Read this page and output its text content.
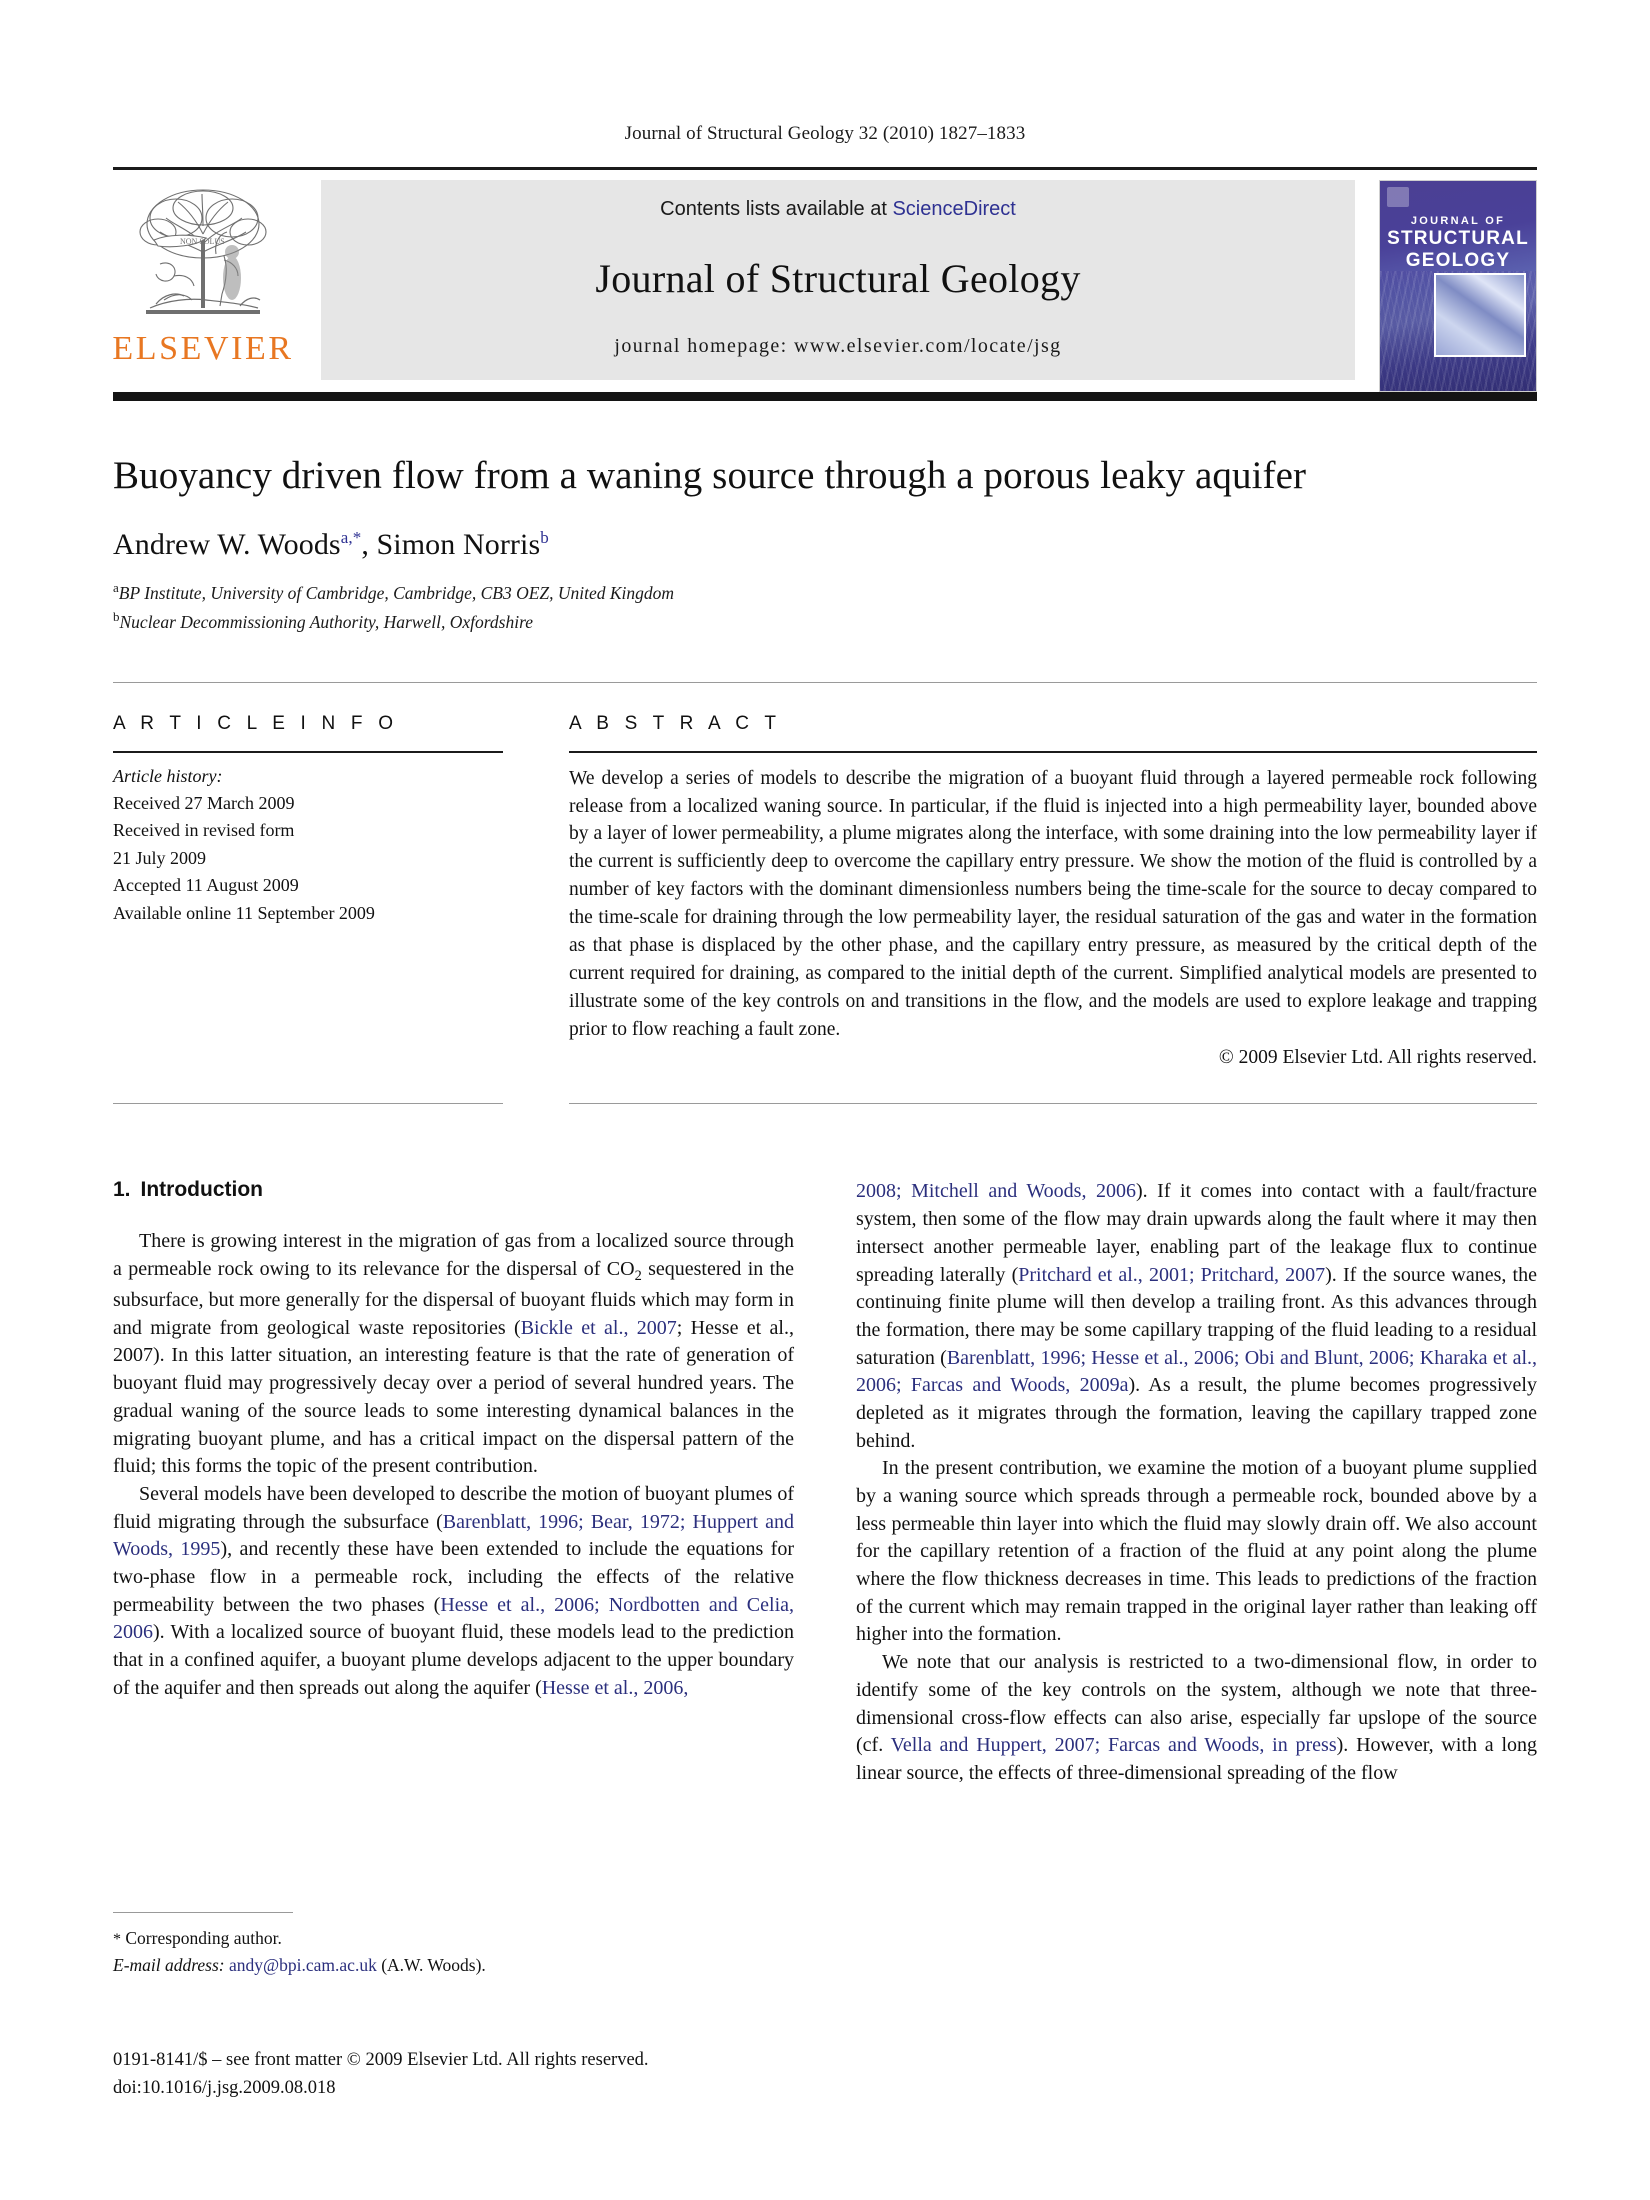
Journal of Structural Geology 32 (2010) 1827–1833
NON SOLUS
ELSEVIER
Contents lists available at ScienceDirect
Journal of Structural Geology
journal homepage: www.elsevier.com/locate/jsg
JOURNAL OF
STRUCTURAL
GEOLOGY
Buoyancy driven flow from a waning source through a porous leaky aquifer
Andrew W. Woods$^{a,*}$, Simon Norris$^b$
$^a$BP Institute, University of Cambridge, Cambridge, CB3 OEZ, United Kingdom
$^b$Nuclear Decommissioning Authority, Harwell, Oxfordshire
A R T I C L E I N F O
Article history:
Received 27 March 2009
Received in revised form
21 July 2009
Accepted 11 August 2009
Available online 11 September 2009
A B S T R A C T
We develop a series of models to describe the migration of a buoyant fluid through a layered permeable rock following release from a localized waning source. In particular, if the fluid is injected into a high permeability layer, bounded above by a layer of lower permeability, a plume migrates along the interface, with some draining into the low permeability layer if the current is sufficiently deep to overcome the capillary entry pressure. We show the motion of the fluid is controlled by a number of key factors with the dominant dimensionless numbers being the time-scale for the source to decay compared to the time-scale for draining through the low permeability layer, the residual saturation of the gas and water in the formation as that phase is displaced by the other phase, and the capillary entry pressure, as measured by the critical depth of the current required for draining, as compared to the initial depth of the current. Simplified analytical models are presented to illustrate some of the key controls on and transitions in the flow, and the models are used to explore leakage and trapping prior to flow reaching a fault zone.
© 2009 Elsevier Ltd. All rights reserved.
1. Introduction

There is growing interest in the migration of gas from a localized source through a permeable rock owing to its relevance for the dispersal of $CO_2$ sequestered in the subsurface, but more generally for the dispersal of buoyant fluids which may form in and migrate from geological waste repositories (Bickle et al., 2007; Hesse et al., 2007). In this latter situation, an interesting feature is that the rate of generation of buoyant fluid may progressively decay over a period of several hundred years. The gradual waning of the source leads to some interesting dynamical balances in the migrating buoyant plume, and has a critical impact on the dispersal pattern of the fluid; this forms the topic of the present contribution.

Several models have been developed to describe the motion of buoyant plumes of fluid migrating through the subsurface (Barenblatt, 1996; Bear, 1972; Huppert and Woods, 1995), and recently these have been extended to include the equations for two-phase flow in a permeable rock, including the effects of the relative permeability between the two phases (Hesse et al., 2006; Nordbotten and Celia, 2006). With a localized source of buoyant fluid, these models lead to the prediction that in a confined aquifer, a buoyant plume develops adjacent to the upper boundary of the aquifer and then spreads out along the aquifer (Hesse et al., 2006,

2008; Mitchell and Woods, 2006). If it comes into contact with a fault/fracture system, then some of the flow may drain upwards along the fault where it may then intersect another permeable layer, enabling part of the leakage flux to continue spreading laterally (Pritchard et al., 2001; Pritchard, 2007). If the source wanes, the continuing finite plume will then develop a trailing front. As this advances through the formation, there may be some capillary trapping of the fluid leading to a residual saturation (Barenblatt, 1996; Hesse et al., 2006; Obi and Blunt, 2006; Kharaka et al., 2006; Farcas and Woods, 2009a). As a result, the plume becomes progressively depleted as it migrates through the formation, leaving the capillary trapped zone behind.

In the present contribution, we examine the motion of a buoyant plume supplied by a waning source which spreads through a permeable rock, bounded above by a less permeable thin layer into which the fluid may slowly drain off. We also account for the capillary retention of a fraction of the fluid at any point along the plume where the flow thickness decreases in time. This leads to predictions of the fraction of the current which may remain trapped in the original layer rather than leaking off higher into the formation.

We note that our analysis is restricted to a two-dimensional flow, in order to identify some of the key controls on the system, although we note that three-dimensional cross-flow effects can also arise, especially far upslope of the source (cf. Vella and Huppert, 2007; Farcas and Woods, in press). However, with a long linear source, the effects of three-dimensional spreading of the flow

* Corresponding author.
E-mail address: andy@bpi.cam.ac.uk (A.W. Woods).
0191-8141/$ – see front matter © 2009 Elsevier Ltd. All rights reserved.
doi:10.1016/j.jsg.2009.08.018
